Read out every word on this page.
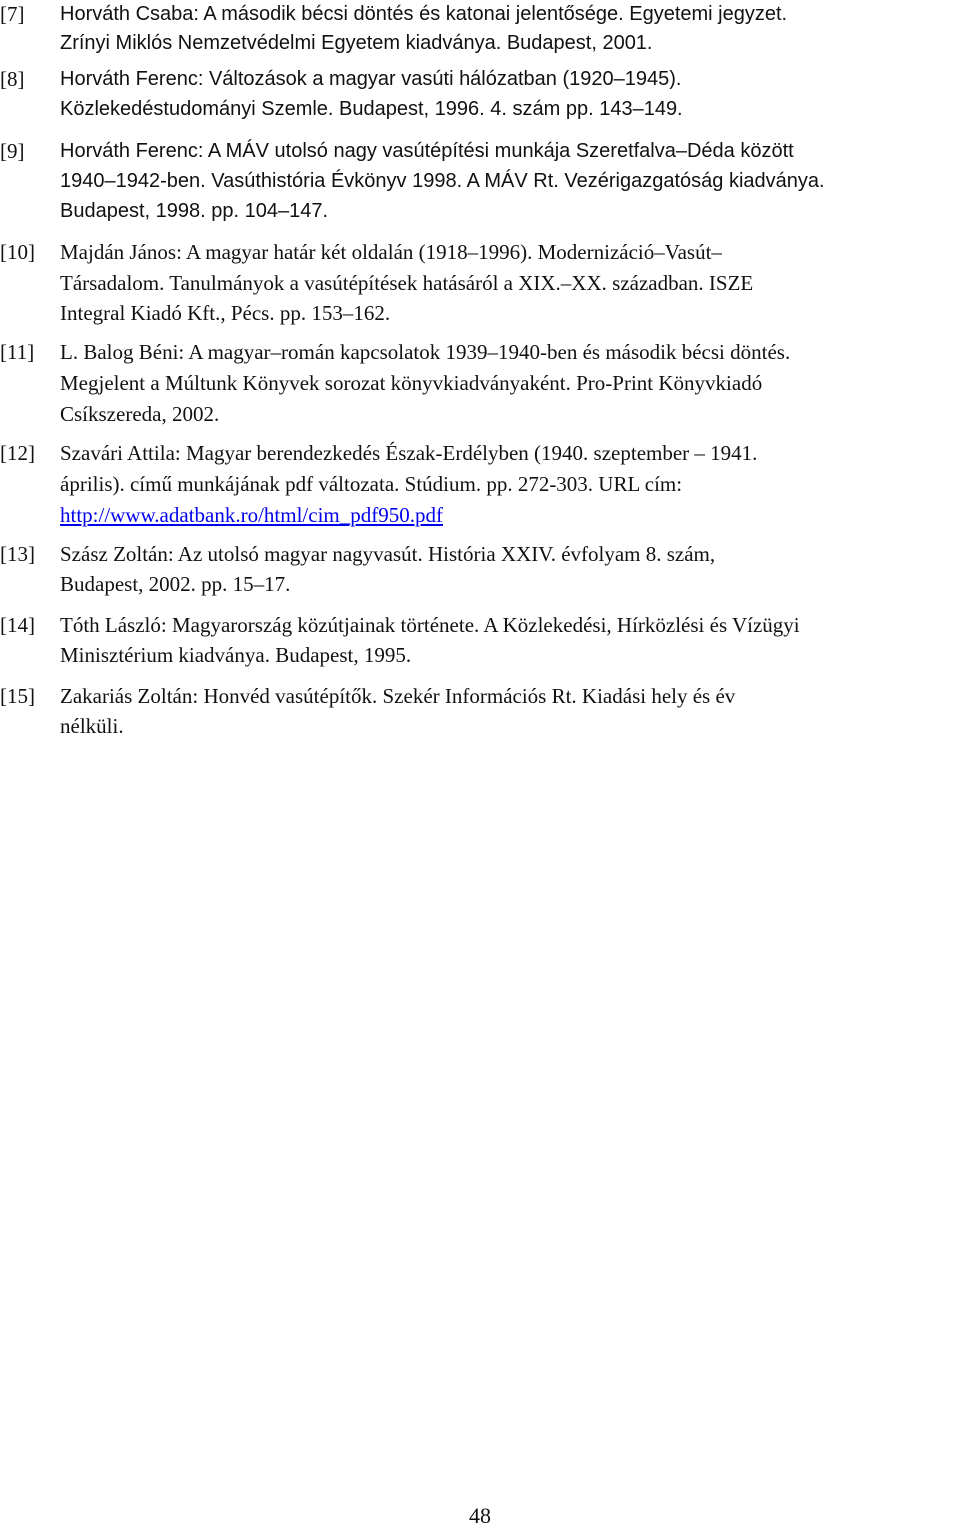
[7] Horváth Csaba: A második bécsi döntés és katonai jelentősége. Egyetemi jegyzet.
Zrínyi Miklós Nemzetvédelmi Egyetem kiadványa. Budapest, 2001.
[8] Horváth Ferenc: Változások a magyar vasúti hálózatban (1920–1945).
Közlekedéstudományi Szemle. Budapest, 1996. 4. szám pp. 143–149.
[9] Horváth Ferenc: A MÁV utolsó nagy vasútépítési munkája Szeretfalva–Déda között
1940–1942-ben. Vasúthistória Évkönyv 1998. A MÁV Rt. Vezérigazgatóság kiadványa.
Budapest, 1998. pp. 104–147.
[10] Majdán János: A magyar határ két oldalán (1918–1996). Modernizáció–Vasút–
Társadalom. Tanulmányok a vasútépítések hatásáról a XIX.–XX. században. ISZE
Integral Kiadó Kft., Pécs. pp. 153–162.
[11] L. Balog Béni: A magyar–román kapcsolatok 1939–1940-ben és második bécsi döntés.
Megjelent a Múltunk Könyvek sorozat könyvkiadványaként. Pro-Print Könyvkiadó
Csíkszereda, 2002.
[12] Szavári Attila: Magyar berendezkedés Észak-Erdélyben (1940. szeptember – 1941.
április). című munkájának pdf változata. Stúdium. pp. 272-303. URL cím:
http://www.adatbank.ro/html/cim_pdf950.pdf
[13] Szász Zoltán: Az utolsó magyar nagyvasút. História XXIV. évfolyam 8. szám,
Budapest, 2002. pp. 15–17.
[14] Tóth László: Magyarország közútjainak története. A Közlekedési, Hírközlési és Vízügyi
Minisztérium kiadványa. Budapest, 1995.
[15] Zakariás Zoltán: Honvéd vasútépítők. Szekér Információs Rt. Kiadási hely és év
nélküli.
48
